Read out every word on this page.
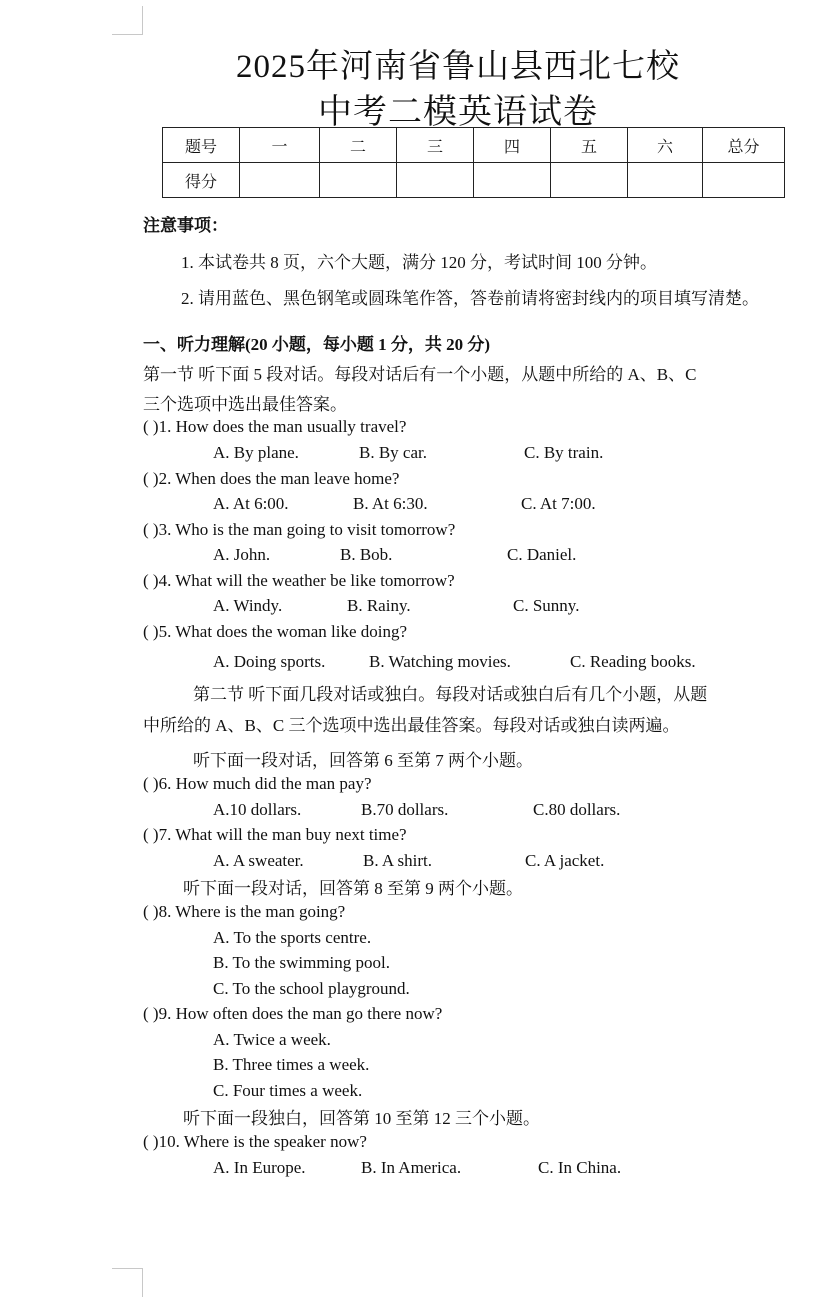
2025年河南省鲁山县西北七校
中考二模英语试卷
题号	一	二	三	四	五	六	总分
得分							
注意事项：
1. 本试卷共 8 页，六个大题，满分 120 分，考试时间 100 分钟。
2. 请用蓝色、黑色钢笔或圆珠笔作答，答卷前请将密封线内的项目填写清楚。
一、听力理解(20 小题，每小题 1 分，共 20 分)
第一节 听下面 5 段对话。每段对话后有一个小题，从题中所给的 A、B、C
三个选项中选出最佳答案。
( )1. How does the man usually travel?
A. By plane.	B. By car.	C. By train.
( )2. When does the man leave home?
A. At 6:00.	B. At 6:30.	C. At 7:00.
( )3. Who is the man going to visit tomorrow?
A. John.	B. Bob.	C. Daniel.
( )4. What will the weather be like tomorrow?
A. Windy.	B. Rainy.	C. Sunny.
( )5. What does the woman like doing?
A. Doing sports.	B. Watching movies.	C. Reading books.
第二节 听下面几段对话或独白。每段对话或独白后有几个小题，从题
中所给的 A、B、C 三个选项中选出最佳答案。每段对话或独白读两遍。
听下面一段对话，回答第 6 至第 7 两个小题。
( )6. How much did the man pay?
A.10 dollars.	B.70 dollars.	C.80 dollars.
( )7. What will the man buy next time?
A. A sweater.	B. A shirt.	C. A jacket.
听下面一段对话，回答第 8 至第 9 两个小题。
( )8. Where is the man going?
A. To the sports centre.
B. To the swimming pool.
C. To the school playground.
( )9. How often does the man go there now?
A. Twice a week.
B. Three times a week.
C. Four times a week.
听下面一段独白，回答第 10 至第 12 三个小题。
( )10. Where is the speaker now?
A. In Europe.	B. In America.	C. In China.
